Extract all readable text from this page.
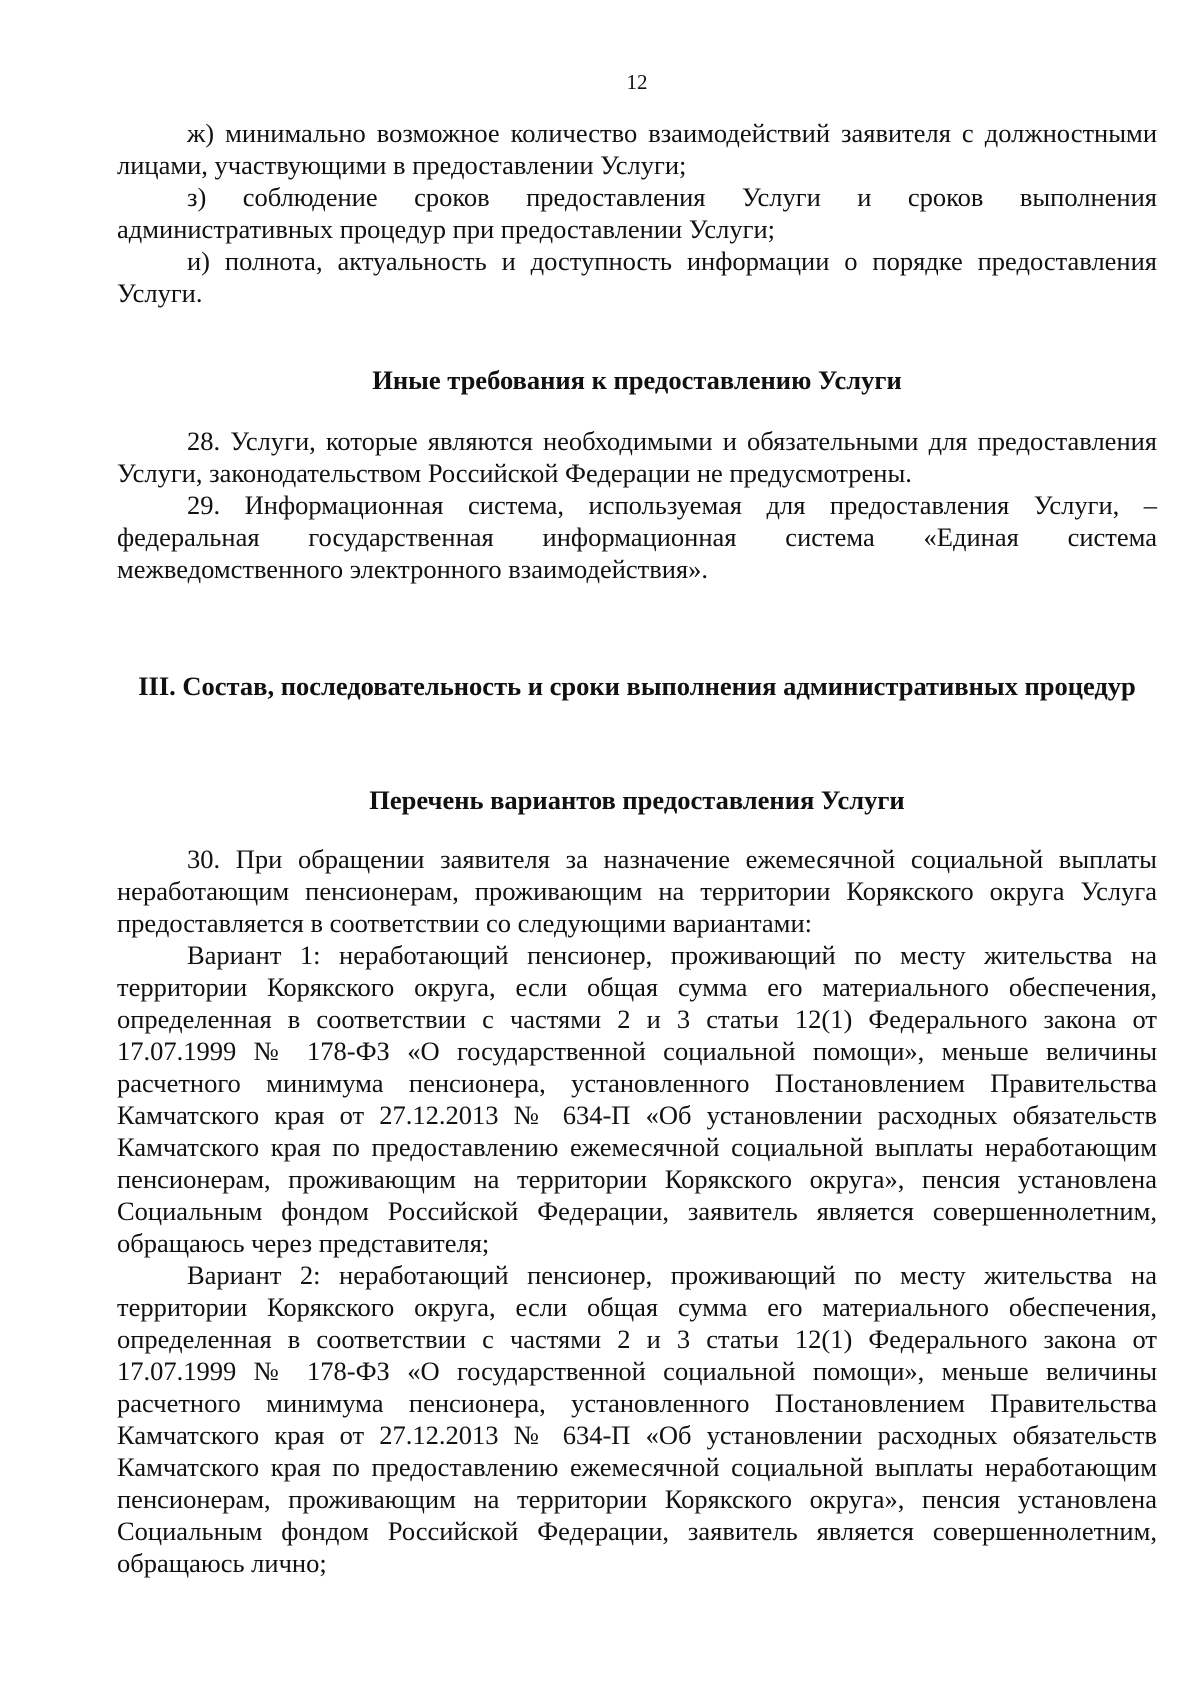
12

ж) минимально возможное количество взаимодействий заявителя с должностными лицами, участвующими в предоставлении Услуги;

з) соблюдение сроков предоставления Услуги и сроков выполнения административных процедур при предоставлении Услуги;

и) полнота, актуальность и доступность информации о порядке предоставления Услуги.

Иные требования к предоставлению Услуги

28. Услуги, которые являются необходимыми и обязательными для предоставления Услуги, законодательством Российской Федерации не предусмотрены.

29. Информационная система, используемая для предоставления Услуги, – федеральная государственная информационная система «Единая система межведомственного электронного взаимодействия».

III. Состав, последовательность и сроки выполнения административных процедур
Перечень вариантов предоставления Услуги

30. При обращении заявителя за назначение ежемесячной социальной выплаты неработающим пенсионерам, проживающим на территории Корякского округа Услуга предоставляется в соответствии со следующими вариантами:

Вариант 1: неработающий пенсионер, проживающий по месту жительства на территории Корякского округа, если общая сумма его материального обеспечения, определенная в соответствии с частями 2 и 3 статьи 12(1) Федерального закона от 17.07.1999 № 178-ФЗ «О государственной социальной помощи», меньше величины расчетного минимума пенсионера, установленного Постановлением Правительства Камчатского края от 27.12.2013 № 634-П «Об установлении расходных обязательств Камчатского края по предоставлению ежемесячной социальной выплаты неработающим пенсионерам, проживающим на территории Корякского округа», пенсия установлена Социальным фондом Российской Федерации, заявитель является совершеннолетним, обращаюсь через представителя;

Вариант 2: неработающий пенсионер, проживающий по месту жительства на территории Корякского округа, если общая сумма его материального обеспечения, определенная в соответствии с частями 2 и 3 статьи 12(1) Федерального закона от 17.07.1999 № 178-ФЗ «О государственной социальной помощи», меньше величины расчетного минимума пенсионера, установленного Постановлением Правительства Камчатского края от 27.12.2013 № 634-П «Об установлении расходных обязательств Камчатского края по предоставлению ежемесячной социальной выплаты неработающим пенсионерам, проживающим на территории Корякского округа», пенсия установлена Социальным фондом Российской Федерации, заявитель является совершеннолетним, обращаюсь лично;
